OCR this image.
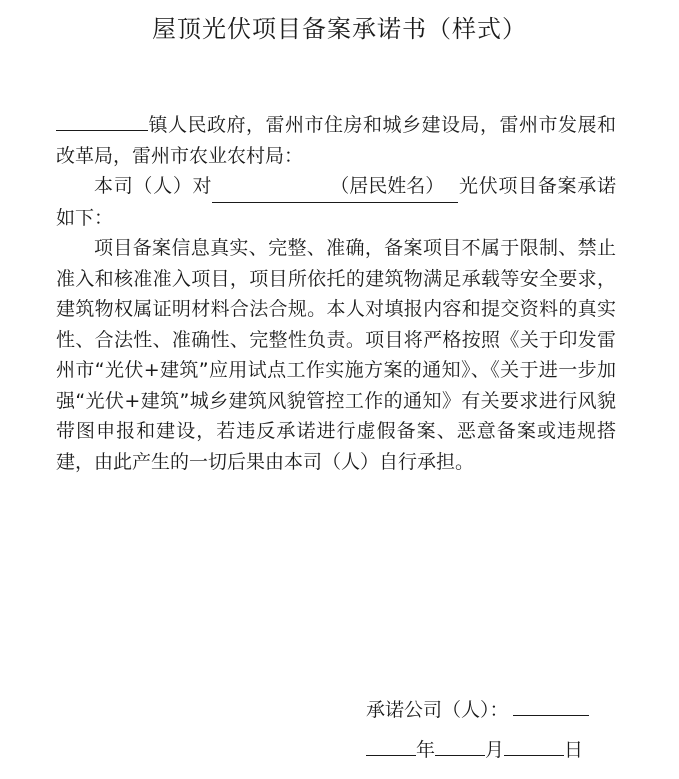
屋顶光伏项目备案承诺书（样式）

镇人民政府，雷州市住房和城乡建设局，雷州市发展和改革局，雷州市农业农村局：

本司（人）对	（居民姓名） 光伏项目备案承诺如下：

项目备案信息真实、完整、准确，备案项目不属于限制、禁止准入和核准准入项目，项目所依托的建筑物满足承载等安全要求，建筑物权属证明材料合法合规。本人对填报内容和提交资料的真实性、合法性、准确性、完整性负责。项目将严格按照《关于印发雷州市“光伏+建筑”应用试点工作实施方案的通知》、《关于进一步加强“光伏+建筑”城乡建筑风貌管控工作的通知》有关要求进行风貌带图申报和建设，若违反承诺进行虚假备案、恶意备案或违规搭建，由此产生的一切后果由本司（人）自行承担。

承诺公司（人）：
年	月	日
